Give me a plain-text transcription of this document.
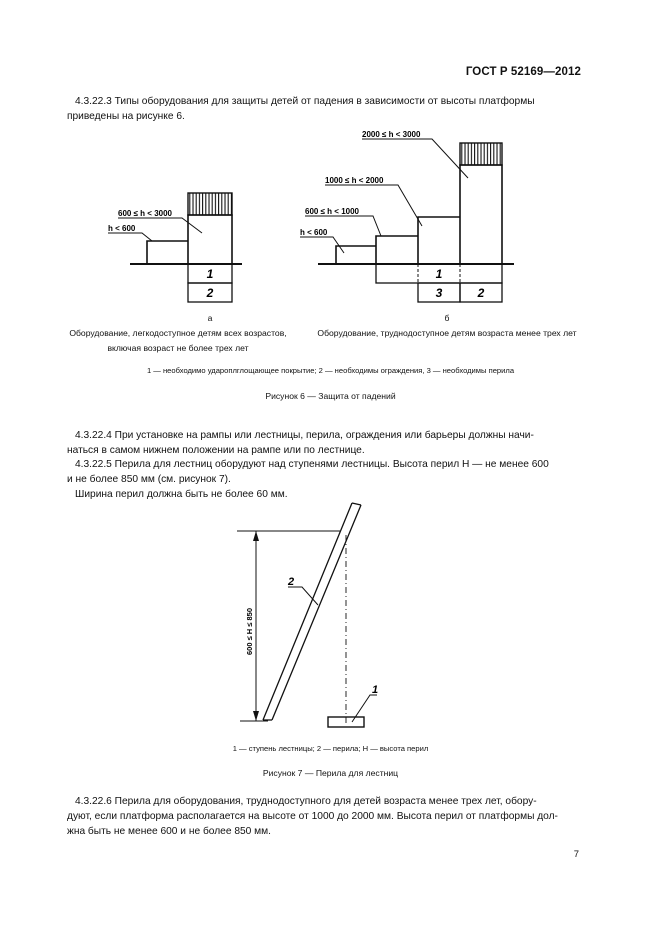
ГОСТ Р 52169—2012
4.3.22.3 Типы оборудования для защиты детей от падения в зависимости от высоты платформы
приведены на рисунке 6.
600 ≤ h < 3000
h < 600
1
2
2000 ≤ h < 3000
1000 ≤ h < 2000
600 ≤ h < 1000
h < 600
1
3	2
а	б
Оборудование, легкодоступное детям всех возрастов, включая возраст не более трех лет
Оборудование, труднодоступное детям возраста менее трех лет
1 — необходимо удароплглощающее покрытие; 2 — необходимы ограждения, 3 — необходимы перила
Рисунок 6 — Защита от падений
4.3.22.4 При установке на рампы или лестницы, перила, ограждения или барьеры должны начи-
наться в самом нижнем положении на рампе или по лестнице.
4.3.22.5 Перила для лестниц оборудуют над ступенями лестницы. Высота перил H — не менее 600
и не более 850 мм (см. рисунок 7).
Ширина перил должна быть не более 60 мм.
600 ≤ H ≤ 850
2
1
1 — ступень лестницы; 2 — перила; H — высота перил
Рисунок 7 — Перила для лестниц
4.3.22.6 Перила для оборудования, труднодоступного для детей возраста менее трех лет, обору-
дуют, если платформа располагается на высоте от 1000 до 2000 мм. Высота перил от платформы дол-
жна быть не менее 600 и не более 850 мм.
7
